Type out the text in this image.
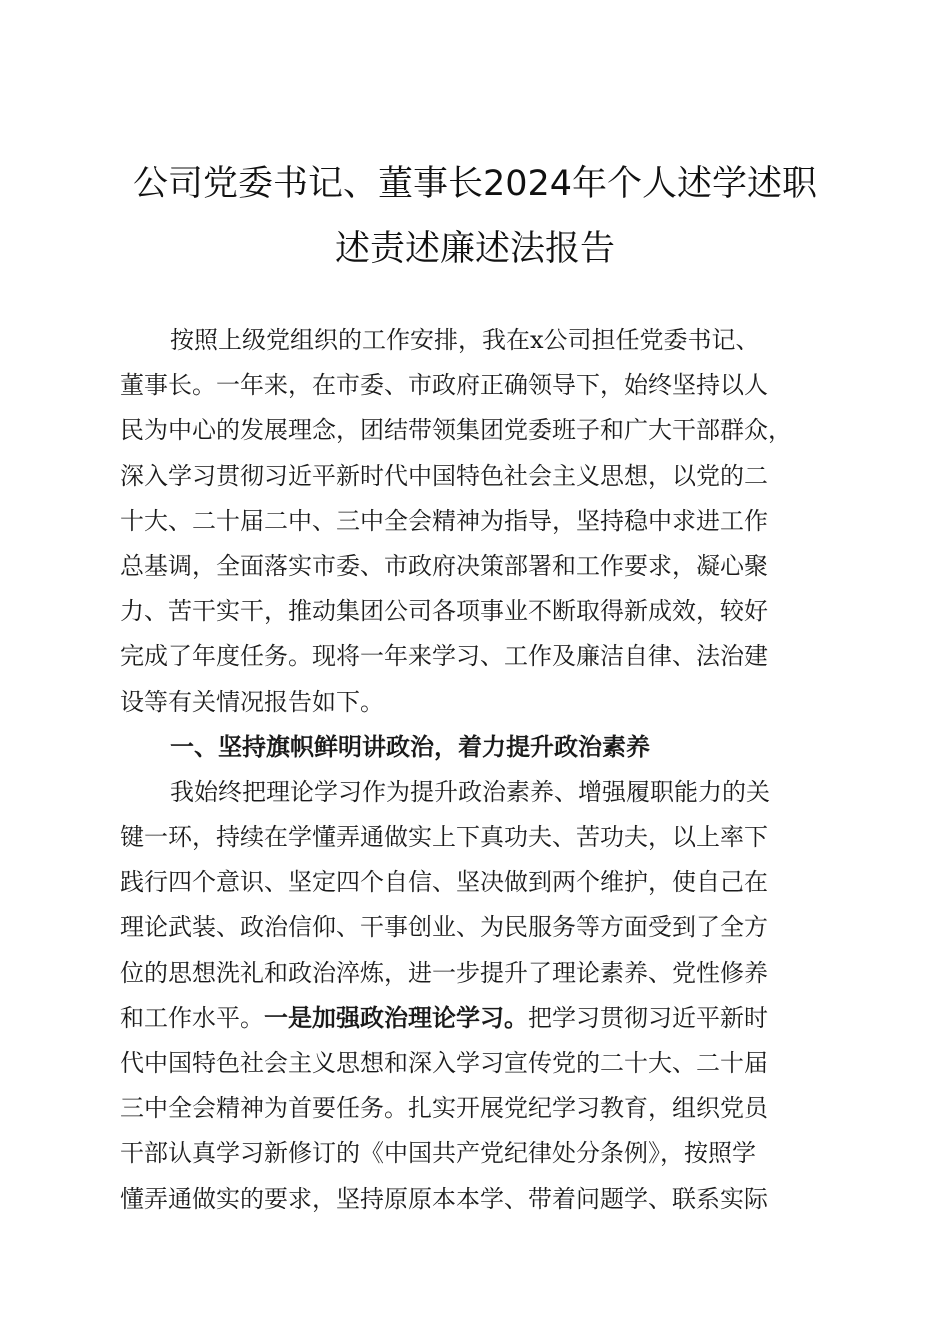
公司党委书记、董事长2024年个人述学述职
述责述廉述法报告
按照上级党组织的工作安排，我在x公司担任党委书记、
董事长。一年来，在市委、市政府正确领导下，始终坚持以人
民为中心的发展理念，团结带领集团党委班子和广大干部群众，
深入学习贯彻习近平新时代中国特色社会主义思想，以党的二
十大、二十届二中、三中全会精神为指导，坚持稳中求进工作
总基调，全面落实市委、市政府决策部署和工作要求，凝心聚
力、苦干实干，推动集团公司各项事业不断取得新成效，较好
完成了年度任务。现将一年来学习、工作及廉洁自律、法治建
设等有关情况报告如下。
一、坚持旗帜鲜明讲政治，着力提升政治素养
我始终把理论学习作为提升政治素养、增强履职能力的关
键一环，持续在学懂弄通做实上下真功夫、苦功夫，以上率下
践行四个意识、坚定四个自信、坚决做到两个维护，使自己在
理论武装、政治信仰、干事创业、为民服务等方面受到了全方
位的思想洗礼和政治淬炼，进一步提升了理论素养、党性修养
和工作水平。一是加强政治理论学习。把学习贯彻习近平新时
代中国特色社会主义思想和深入学习宣传党的二十大、二十届
三中全会精神为首要任务。扎实开展党纪学习教育，组织党员
干部认真学习新修订的《中国共产党纪律处分条例》，按照学
懂弄通做实的要求，坚持原原本本学、带着问题学、联系实际
